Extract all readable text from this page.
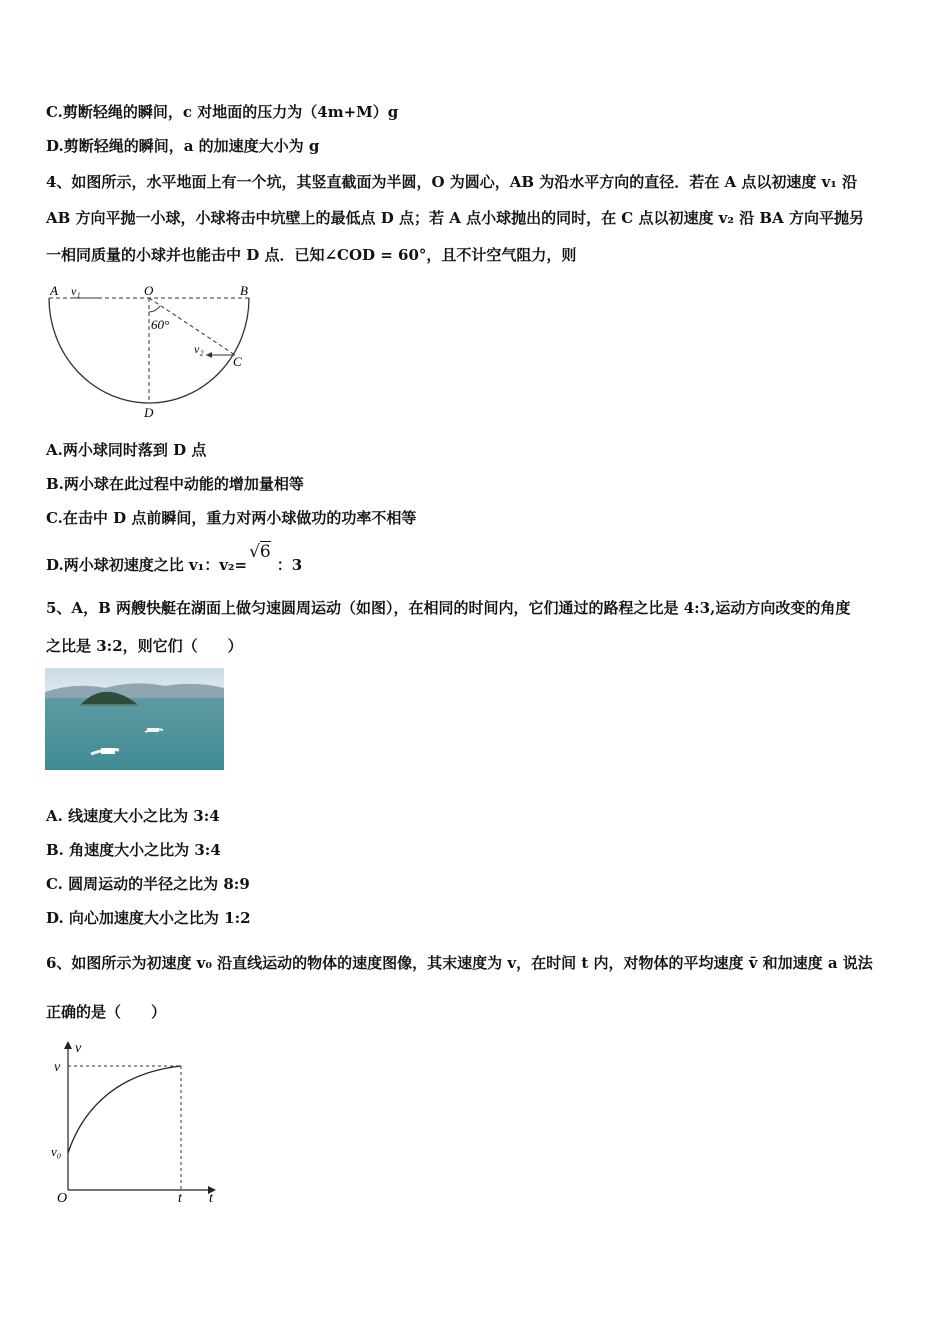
C.剪断轻绳的瞬间，c 对地面的压力为（4m+M）g
D.剪断轻绳的瞬间，a 的加速度大小为 g
4、如图所示，水平地面上有一个坑，其竖直截面为半圆，O 为圆心，AB 为沿水平方向的直径．若在 A 点以初速度 v₁ 沿
AB 方向平抛一小球，小球将击中坑壁上的最低点 D 点；若 A 点小球抛出的同时，在 C 点以初速度 v₂ 沿 BA 方向平抛另
一相同质量的小球并也能击中 D 点．已知∠COD = 60°，且不计空气阻力，则
A v₁	O	B
60°
v₂
C
D
A.两小球同时落到 D 点
B.两小球在此过程中动能的增加量相等
C.在击中 D 点前瞬间，重力对两小球做功的功率不相等
D.两小球初速度之比 v₁：v₂=√6：3
5、A，B 两艘快艇在湖面上做匀速圆周运动（如图），在相同的时间内，它们通过的路程之比是 4:3,运动方向改变的角度
之比是 3:2，则它们（　　）
A. 线速度大小之比为 3:4
B. 角速度大小之比为 3:4
C. 圆周运动的半径之比为 8:9
D. 向心加速度大小之比为 1:2
6、如图所示为初速度 v₀ 沿直线运动的物体的速度图像，其末速度为 v，在时间 t 内，对物体的平均速度 v̄ 和加速度 a 说法
正确的是（　　）
v
t
v
v₀
O	t
